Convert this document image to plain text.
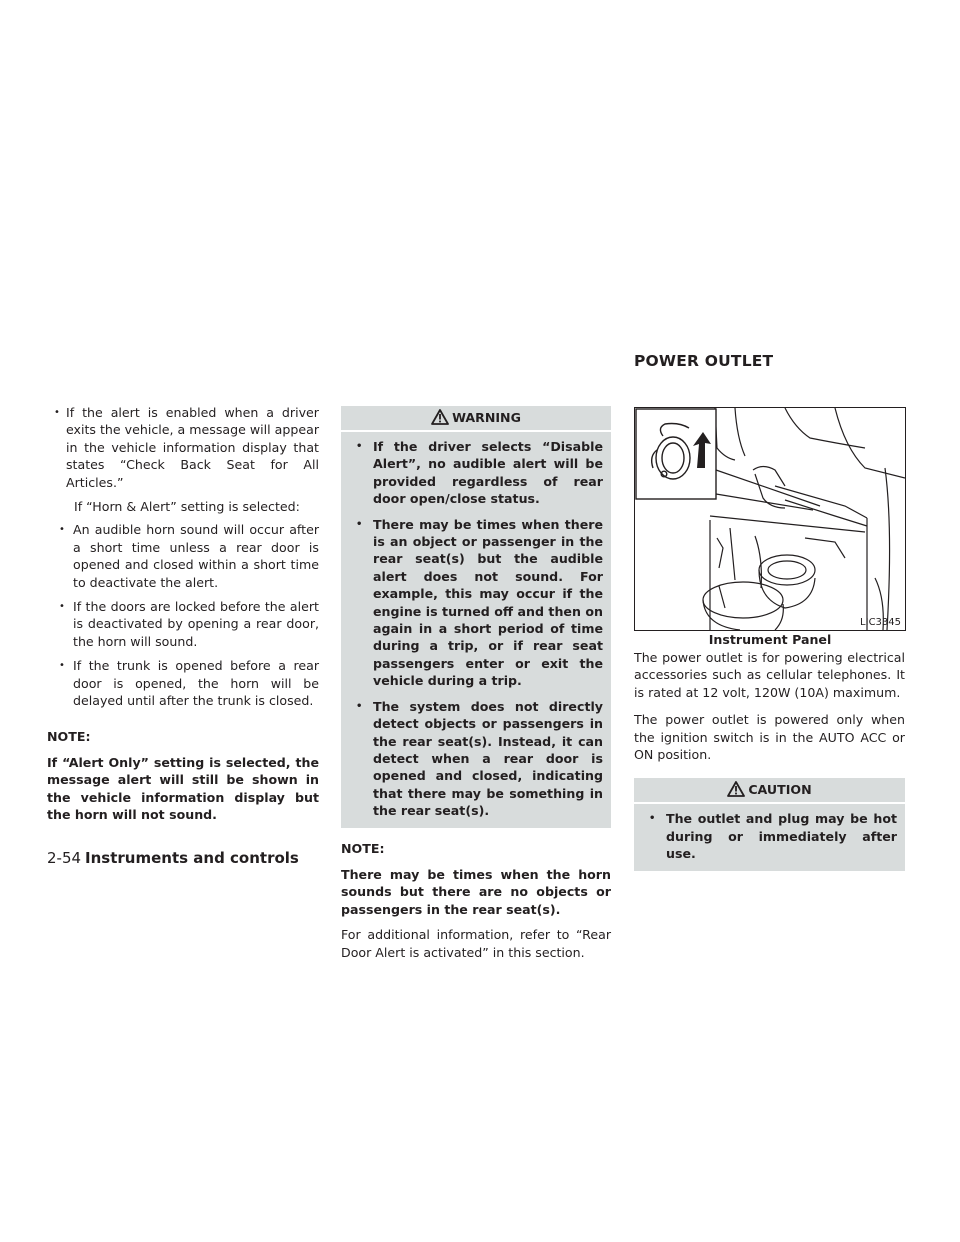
• If the alert is enabled when a driver exits the vehicle, a message will appear in the vehicle information display that states “Check Back Seat for All Articles.”

If “Horn & Alert” setting is selected:

• An audible horn sound will occur after a short time unless a rear door is opened and closed within a short time to deactivate the alert.

• If the doors are locked before the alert is deactivated by opening a rear door, the horn will sound.

• If the trunk is opened before a rear door is opened, the horn will be delayed until after the trunk is closed.

NOTE:

If “Alert Only” setting is selected, the message alert will still be shown in the vehicle information display but the horn will not sound.

WARNING

• If the driver selects “Disable Alert”, no audible alert will be provided regardless of rear door open/close status.

• There may be times when there is an object or passenger in the rear seat(s) but the audible alert does not sound. For example, this may occur if the engine is turned off and then on again in a short period of time during a trip, or if rear seat passengers enter or exit the vehicle during a trip.

• The system does not directly detect objects or passengers in the rear seat(s). Instead, it can detect when a rear door is opened and closed, indicating that there may be something in the rear seat(s).

NOTE:

There may be times when the horn sounds but there are no objects or passengers in the rear seat(s).

For additional information, refer to “Rear Door Alert is activated” in this section.

POWER OUTLET
LIC3345
Instrument Panel

The power outlet is for powering electrical accessories such as cellular telephones. It is rated at 12 volt, 120W (10A) maximum.

The power outlet is powered only when the ignition switch is in the AUTO ACC or ON position.

CAUTION

• The outlet and plug may be hot during or immediately after use.

2-54 Instruments and controls
